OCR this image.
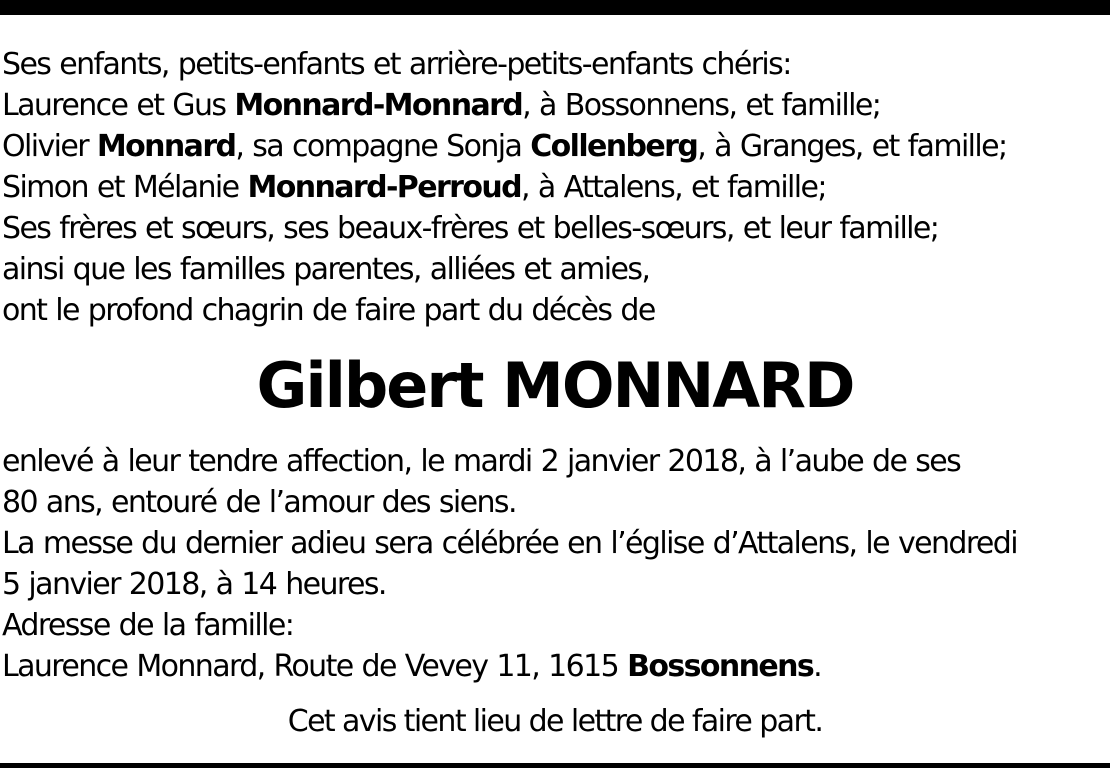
Ses enfants, petits-enfants et arrière-petits-enfants chéris:
Laurence et Gus Monnard-Monnard, à Bossonnens, et famille;
Olivier Monnard, sa compagne Sonja Collenberg, à Granges, et famille;
Simon et Mélanie Monnard-Perroud, à Attalens, et famille;
Ses frères et sœurs, ses beaux-frères et belles-sœurs, et leur famille;
ainsi que les familles parentes, alliées et amies,
ont le profond chagrin de faire part du décès de
Gilbert MONNARD
enlevé à leur tendre affection, le mardi 2 janvier 2018, à l’aube de ses
80 ans, entouré de l’amour des siens.
La messe du dernier adieu sera célébrée en l’église d’Attalens, le vendredi
5 janvier 2018, à 14 heures.
Adresse de la famille:
Laurence Monnard, Route de Vevey 11, 1615 Bossonnens.
Cet avis tient lieu de lettre de faire part.
